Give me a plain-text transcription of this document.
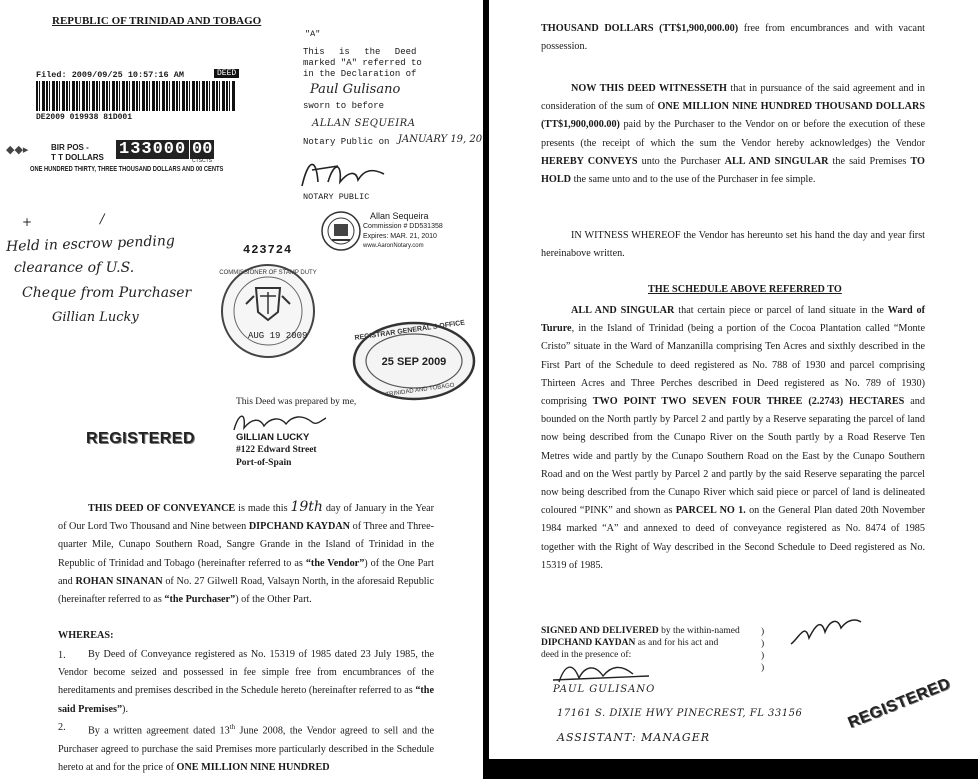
REPUBLIC OF TRINIDAD AND TOBAGO
Filed: 2009/09/25 10:57:16 AM	DEED
DE2009 019938 81D001
◆◆▸	BIR POS -
T T DOLLARS 133000 00
CTSCTS
ONE HUNDRED THIRTY, THREE THOUSAND DOLLARS AND 00 CENTS
"A"
This is the Deed
marked "A" referred to
in the Declaration of
Paul Gulisano
sworn to before
ALLAN SEQUEIRA
Notary Public on JANUARY 19, 20
NOTARY PUBLIC
Allan Sequeira
Commission # DD531358
Expires: MAR. 21, 2010
www.AaronNotary.com
+	/
Held in escrow pending
clearance of U.S.
Cheque from Purchaser
Gillian Lucky
423724
COMMISSIONER OF STAMP DUTY
AUG 19 2009
REGISTERED
REGISTRAR GENERAL'S OFFICE
25 SEP 2009
TRINIDAD AND TOBAGO
This Deed was prepared by me,
GILLIAN LUCKY
#122 Edward Street
Port-of-Spain
THIS DEED OF CONVEYANCE is made this 19th day of January in the Year of Our Lord Two Thousand and Nine between DIPCHAND KAYDAN of Three and Three-quarter Mile, Cunapo Southern Road, Sangre Grande in the Island of Trinidad in the Republic of Trinidad and Tobago (hereinafter referred to as “the Vendor”) of the One Part and ROHAN SINANAN of No. 27 Gilwell Road, Valsayn North, in the aforesaid Republic (hereinafter referred to as “the Purchaser”) of the Other Part.
WHEREAS:
1.	By Deed of Conveyance registered as No. 15319 of 1985 dated 23 July 1985, the Vendor become seized and possessed in fee simple free from encumbrances of the hereditaments and premises described in the Schedule hereto (hereinafter referred to as “the said Premises”).
2.	By a written agreement dated 13th June 2008, the Vendor agreed to sell and the Purchaser agreed to purchase the said Premises more particularly described in the Schedule hereto at and for the price of ONE MILLION NINE HUNDRED
THOUSAND DOLLARS (TT$1,900,000.00) free from encumbrances and with vacant possession.
NOW THIS DEED WITNESSETH that in pursuance of the said agreement and in consideration of the sum of ONE MILLION NINE HUNDRED THOUSAND DOLLARS (TT$1,900,000.00) paid by the Purchaser to the Vendor on or before the execution of these presents (the receipt of which the sum the Vendor hereby acknowledges) the Vendor HEREBY CONVEYS unto the Purchaser ALL AND SINGULAR the said Premises TO HOLD the same unto and to the use of the Purchaser in fee simple.
IN WITNESS WHEREOF the Vendor has hereunto set his hand the day and year first hereinabove written.
THE SCHEDULE ABOVE REFERRED TO
ALL AND SINGULAR that certain piece or parcel of land situate in the Ward of Turure, in the Island of Trinidad (being a portion of the Cocoa Plantation called “Monte Cristo” situate in the Ward of Manzanilla comprising Ten Acres and sixthly described in the First Part of the Schedule to deed registered as No. 788 of 1930 and parcel comprising Thirteen Acres and Three Perches described in Deed registered as No. 789 of 1930) comprising TWO POINT TWO SEVEN FOUR THREE (2.2743) HECTARES and bounded on the North partly by Parcel 2 and partly by a Reserve separating the parcel of land now being described from the Cunapo River on the South partly by a Road Reserve Ten Metres wide and partly by the Cunapo Southern Road on the East by the Cunapo Southern Road and on the West partly by Parcel 2 and partly by the said Reserve separating the parcel now being described from the Cunapo River which said piece or parcel of land is delineated coloured “PINK” and shown as PARCEL NO 1. on the General Plan dated 20th November 1984 marked “A” and annexed to deed of conveyance registered as No. 8474 of 1985 together with the Right of Way described in the Second Schedule to Deed registered as No. 15319 of 1985.
SIGNED AND DELIVERED by the within-named
DIPCHAND KAYDAN as and for his act and
deed in the presence of:
)
)
)
)
PAUL GULISANO
17161 S. DIXIE HWY PINECREST, FL 33156
ASSISTANT: MANAGER
REGISTERED
